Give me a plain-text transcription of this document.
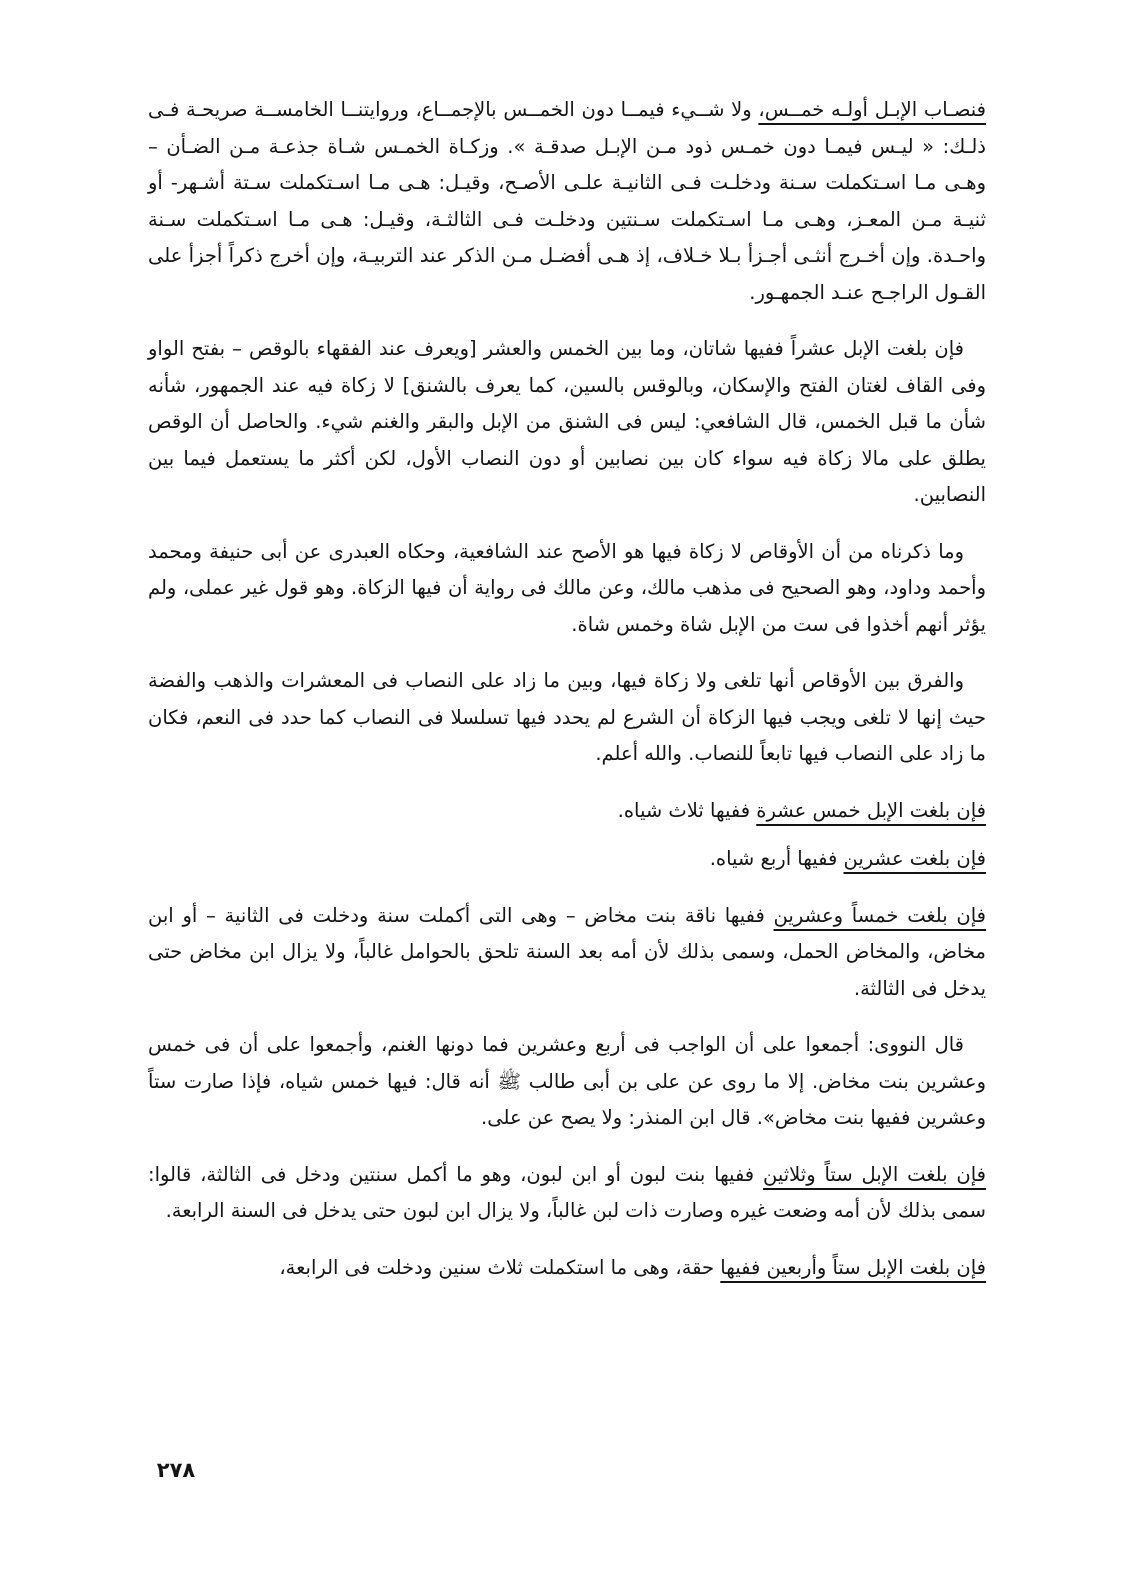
فنصـاب الإبـل أولـه خمــس، ولا شــيء فيمــا دون الخمــس بالإجمــاع، وروايتنــا الخامســة صريحـة فـى ذلـك: « ليـس فيمـا دون خمـس ذود مـن الإبـل صدقـة ». وزكـاة الخمـس شـاة جذعـة مـن الضـأن – وهـى مـا اسـتكملت سـنة ودخلـت فـى الثانيـة علـى الأصـح، وقيـل: هـى مـا اسـتكملت سـتة أشـهر- أو ثنيـة مـن المعـز، وهـى مـا اسـتكملت سـنتين ودخلـت فـى الثالثـة، وقيـل: هـى مـا اسـتكملت سـنة واحـدة. وإن أخـرج أنثـى أجـزأ بـلا خـلاف، إذ هـى أفضـل مـن الذكر عند التربيـة، وإن أخرج ذكراً أجزأ على القـول الراجـح عنـد الجمهـور.

فإن بلغت الإبل عشراً ففيها شاتان، وما بين الخمس والعشر [ويعرف عند الفقهاء بالوقص – بفتح الواو وفى القاف لغتان الفتح والإسكان، وبالوقس بالسين، كما يعرف بالشنق] لا زكاة فيه عند الجمهور، شأنه شأن ما قبل الخمس، قال الشافعي: ليس فى الشنق من الإبل والبقر والغنم شيء. والحاصل أن الوقص يطلق على مالا زكاة فيه سواء كان بين نصابين أو دون النصاب الأول، لكن أكثر ما يستعمل فيما بين النصابين.

وما ذكرناه من أن الأوقاص لا زكاة فيها هو الأصح عند الشافعية، وحكاه العبدرى عن أبى حنيفة ومحمد وأحمد وداود، وهو الصحيح فى مذهب مالك، وعن مالك فى رواية أن فيها الزكاة. وهو قول غير عملى، ولم يؤثر أنهم أخذوا فى ست من الإبل شاة وخمس شاة.

والفرق بين الأوقاص أنها تلغى ولا زكاة فيها، وبين ما زاد على النصاب فى المعشرات والذهب والفضة حيث إنها لا تلغى ويجب فيها الزكاة أن الشرع لم يحدد فيها تسلسلا فى النصاب كما حدد فى النعم، فكان ما زاد على النصاب فيها تابعاً للنصاب. والله أعلم.

فإن بلغت الإبل خمس عشرة ففيها ثلاث شياه.

فإن بلغت عشرين ففيها أربع شياه.

فإن بلغت خمساً وعشرين ففيها ناقة بنت مخاض – وهى التى أكملت سنة ودخلت فى الثانية – أو ابن مخاض، والمخاض الحمل، وسمى بذلك لأن أمه بعد السنة تلحق بالحوامل غالباً، ولا يزال ابن مخاض حتى يدخل فى الثالثة.

قال النووى: أجمعوا على أن الواجب فى أربع وعشرين فما دونها الغنم، وأجمعوا على أن فى خمس وعشرين بنت مخاض. إلا ما روى عن على بن أبى طالب ﷺ أنه قال: فيها خمس شياه، فإذا صارت ستاً وعشرين ففيها بنت مخاض». قال ابن المنذر: ولا يصح عن على.

فإن بلغت الإبل ستاً وثلاثين ففيها بنت لبون أو ابن لبون، وهو ما أكمل سنتين ودخل فى الثالثة، قالوا: سمى بذلك لأن أمه وضعت غيره وصارت ذات لبن غالباً، ولا يزال ابن لبون حتى يدخل فى السنة الرابعة.

فإن بلغت الإبل ستاً وأربعين ففيها حقة، وهى ما استكملت ثلاث سنين ودخلت فى الرابعة،

٢٧٨
